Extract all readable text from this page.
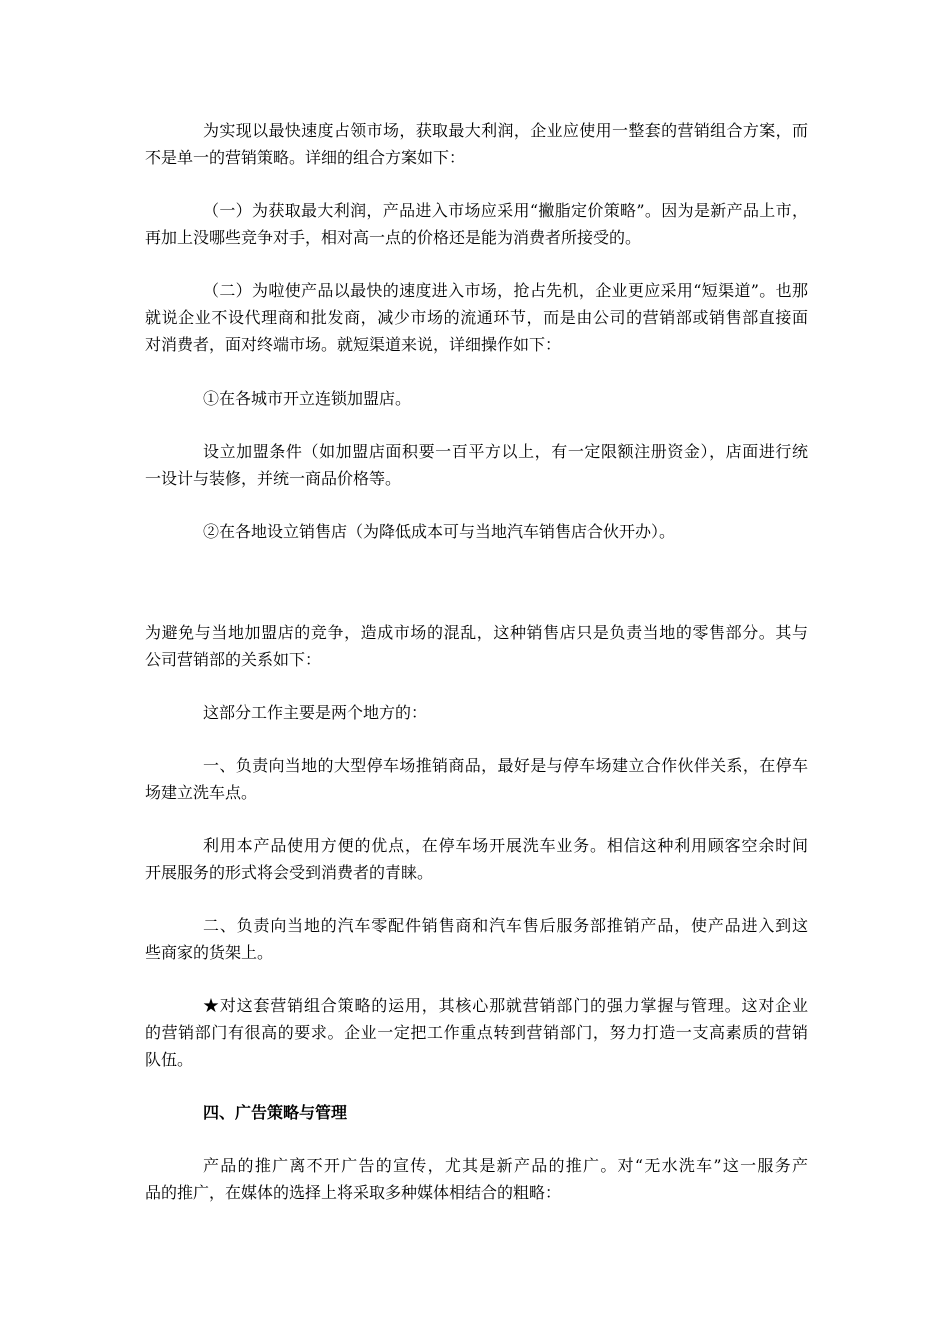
为实现以最快速度占领市场，获取最大利润，企业应使用一整套的营销组合方案，而
不是单一的营销策略。详细的组合方案如下：
（一）为获取最大利润，产品进入市场应采用“撇脂定价策略”。因为是新产品上市，
再加上没哪些竞争对手，相对高一点的价格还是能为消费者所接受的。
（二）为啦使产品以最快的速度进入市场，抢占先机，企业更应采用“短渠道”。也那
就说企业不设代理商和批发商，减少市场的流通环节，而是由公司的营销部或销售部直接面
对消费者，面对终端市场。就短渠道来说，详细操作如下：
①在各城市开立连锁加盟店。
设立加盟条件（如加盟店面积要一百平方以上，有一定限额注册资金），店面进行统
一设计与装修，并统一商品价格等。
②在各地设立销售店（为降低成本可与当地汽车销售店合伙开办）。
为避免与当地加盟店的竞争，造成市场的混乱，这种销售店只是负责当地的零售部分。其与
公司营销部的关系如下：
这部分工作主要是两个地方的：
一、负责向当地的大型停车场推销商品，最好是与停车场建立合作伙伴关系，在停车
场建立洗车点。
利用本产品使用方便的优点，在停车场开展洗车业务。相信这种利用顾客空余时间
开展服务的形式将会受到消费者的青睐。
二、负责向当地的汽车零配件销售商和汽车售后服务部推销产品，使产品进入到这
些商家的货架上。
★对这套营销组合策略的运用，其核心那就营销部门的强力掌握与管理。这对企业
的营销部门有很高的要求。企业一定把工作重点转到营销部门，努力打造一支高素质的营销
队伍。
四、广告策略与管理
产品的推广离不开广告的宣传，尤其是新产品的推广。对“无水洗车”这一服务产
品的推广，在媒体的选择上将采取多种媒体相结合的粗略：
